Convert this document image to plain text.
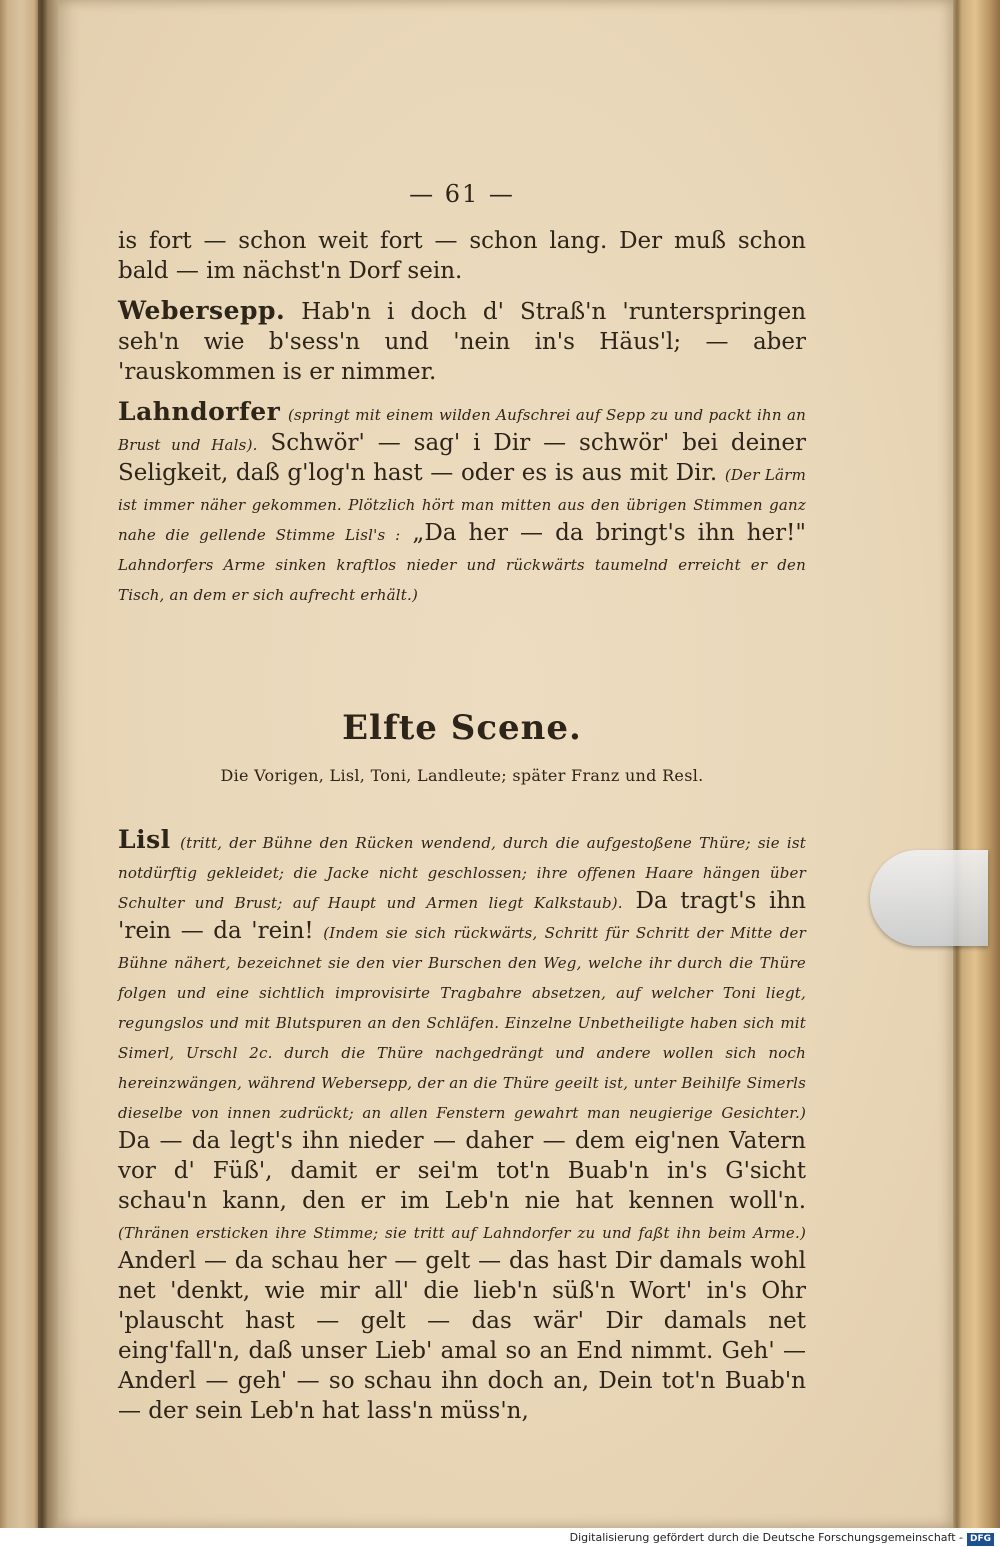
— 61 —

is fort — schon weit fort — schon lang. Der muß schon bald — im nächst'n Dorf sein.

Webersepp. Hab'n i doch d' Straß'n 'runterspringen seh'n wie b'sess'n und 'nein in's Häus'l; — aber 'rauskommen is er nimmer.

Lahndorfer (springt mit einem wilden Aufschrei auf Sepp zu und packt ihn an Brust und Hals). Schwör' — sag' i Dir — schwör' bei deiner Seligkeit, daß g'log'n hast — oder es is aus mit Dir. (Der Lärm ist immer näher gekommen. Plötzlich hört man mitten aus den übrigen Stimmen ganz nahe die gellende Stimme Lisl's : „Da her — da bringt's ihn her!" Lahndorfers Arme sinken kraftlos nieder und rückwärts taumelnd erreicht er den Tisch, an dem er sich aufrecht erhält.)

Elfte Scene.
Die Vorigen, Lisl, Toni, Landleute; später Franz und Resl.

Lisl (tritt, der Bühne den Rücken wendend, durch die aufgestoßene Thüre; sie ist notdürftig gekleidet; die Jacke nicht geschlossen; ihre offenen Haare hängen über Schulter und Brust; auf Haupt und Armen liegt Kalkstaub). Da tragt's ihn 'rein — da 'rein! (Indem sie sich rückwärts, Schritt für Schritt der Mitte der Bühne nähert, bezeichnet sie den vier Burschen den Weg, welche ihr durch die Thüre folgen und eine sichtlich improvisirte Tragbahre absetzen, auf welcher Toni liegt, regungslos und mit Blutspuren an den Schläfen. Einzelne Unbetheiligte haben sich mit Simerl, Urschl 2c. durch die Thüre nachgedrängt und andere wollen sich noch hereinzwängen, während Webersepp, der an die Thüre geeilt ist, unter Beihilfe Simerls dieselbe von innen zudrückt; an allen Fenstern gewahrt man neugierige Gesichter.) Da — da legt's ihn nieder — daher — dem eig'nen Vatern vor d' Füß', damit er sei'm tot'n Buab'n in's G'sicht schau'n kann, den er im Leb'n nie hat kennen woll'n. (Thränen ersticken ihre Stimme; sie tritt auf Lahndorfer zu und faßt ihn beim Arme.) Anderl — da schau her — gelt — das hast Dir damals wohl net 'denkt, wie mir all' die lieb'n süß'n Wort' in's Ohr 'plauscht hast — gelt — das wär' Dir damals net eing'fall'n, daß unser Lieb' amal so an End nimmt. Geh' — Anderl — geh' — so schau ihn doch an, Dein tot'n Buab'n — der sein Leb'n hat lass'n müss'n,

Digitalisierung gefördert durch die Deutsche Forschungsgemeinschaft - DFG
